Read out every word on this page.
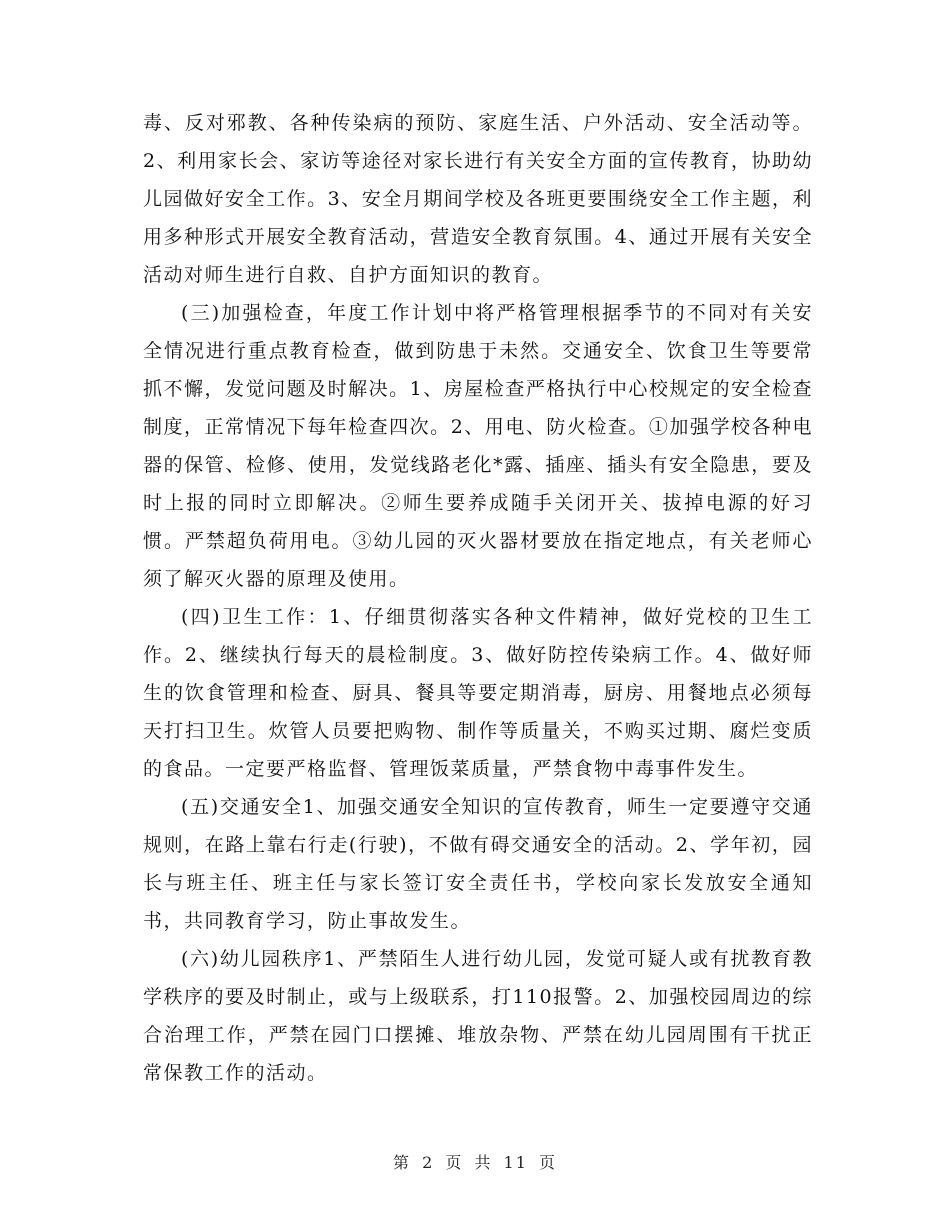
毒、反对邪教、各种传染病的预防、家庭生活、户外活动、安全活动等。2、利用家长会、家访等途径对家长进行有关安全方面的宣传教育，协助幼儿园做好安全工作。3、安全月期间学校及各班更要围绕安全工作主题，利用多种形式开展安全教育活动，营造安全教育氛围。4、通过开展有关安全活动对师生进行自救、自护方面知识的教育。

(三)加强检查，年度工作计划中将严格管理根据季节的不同对有关安全情况进行重点教育检查，做到防患于未然。交通安全、饮食卫生等要常抓不懈，发觉问题及时解决。1、房屋检查严格执行中心校规定的安全检查制度，正常情况下每年检查四次。2、用电、防火检查。①加强学校各种电器的保管、检修、使用，发觉线路老化*露、插座、插头有安全隐患，要及时上报的同时立即解决。②师生要养成随手关闭开关、拔掉电源的好习惯。严禁超负荷用电。③幼儿园的灭火器材要放在指定地点，有关老师心须了解灭火器的原理及使用。

(四)卫生工作：1、仔细贯彻落实各种文件精神，做好党校的卫生工作。2、继续执行每天的晨检制度。3、做好防控传染病工作。4、做好师生的饮食管理和检查、厨具、餐具等要定期消毒，厨房、用餐地点必须每天打扫卫生。炊管人员要把购物、制作等质量关，不购买过期、腐烂变质的食品。一定要严格监督、管理饭菜质量，严禁食物中毒事件发生。

(五)交通安全1、加强交通安全知识的宣传教育，师生一定要遵守交通规则，在路上靠右行走(行驶)，不做有碍交通安全的活动。2、学年初，园长与班主任、班主任与家长签订安全责任书，学校向家长发放安全通知书，共同教育学习，防止事故发生。

(六)幼儿园秩序1、严禁陌生人进行幼儿园，发觉可疑人或有扰教育教学秩序的要及时制止，或与上级联系，打110报警。2、加强校园周边的综合治理工作，严禁在园门口摆摊、堆放杂物、严禁在幼儿园周围有干扰正常保教工作的活动。

第 2 页 共 11 页
